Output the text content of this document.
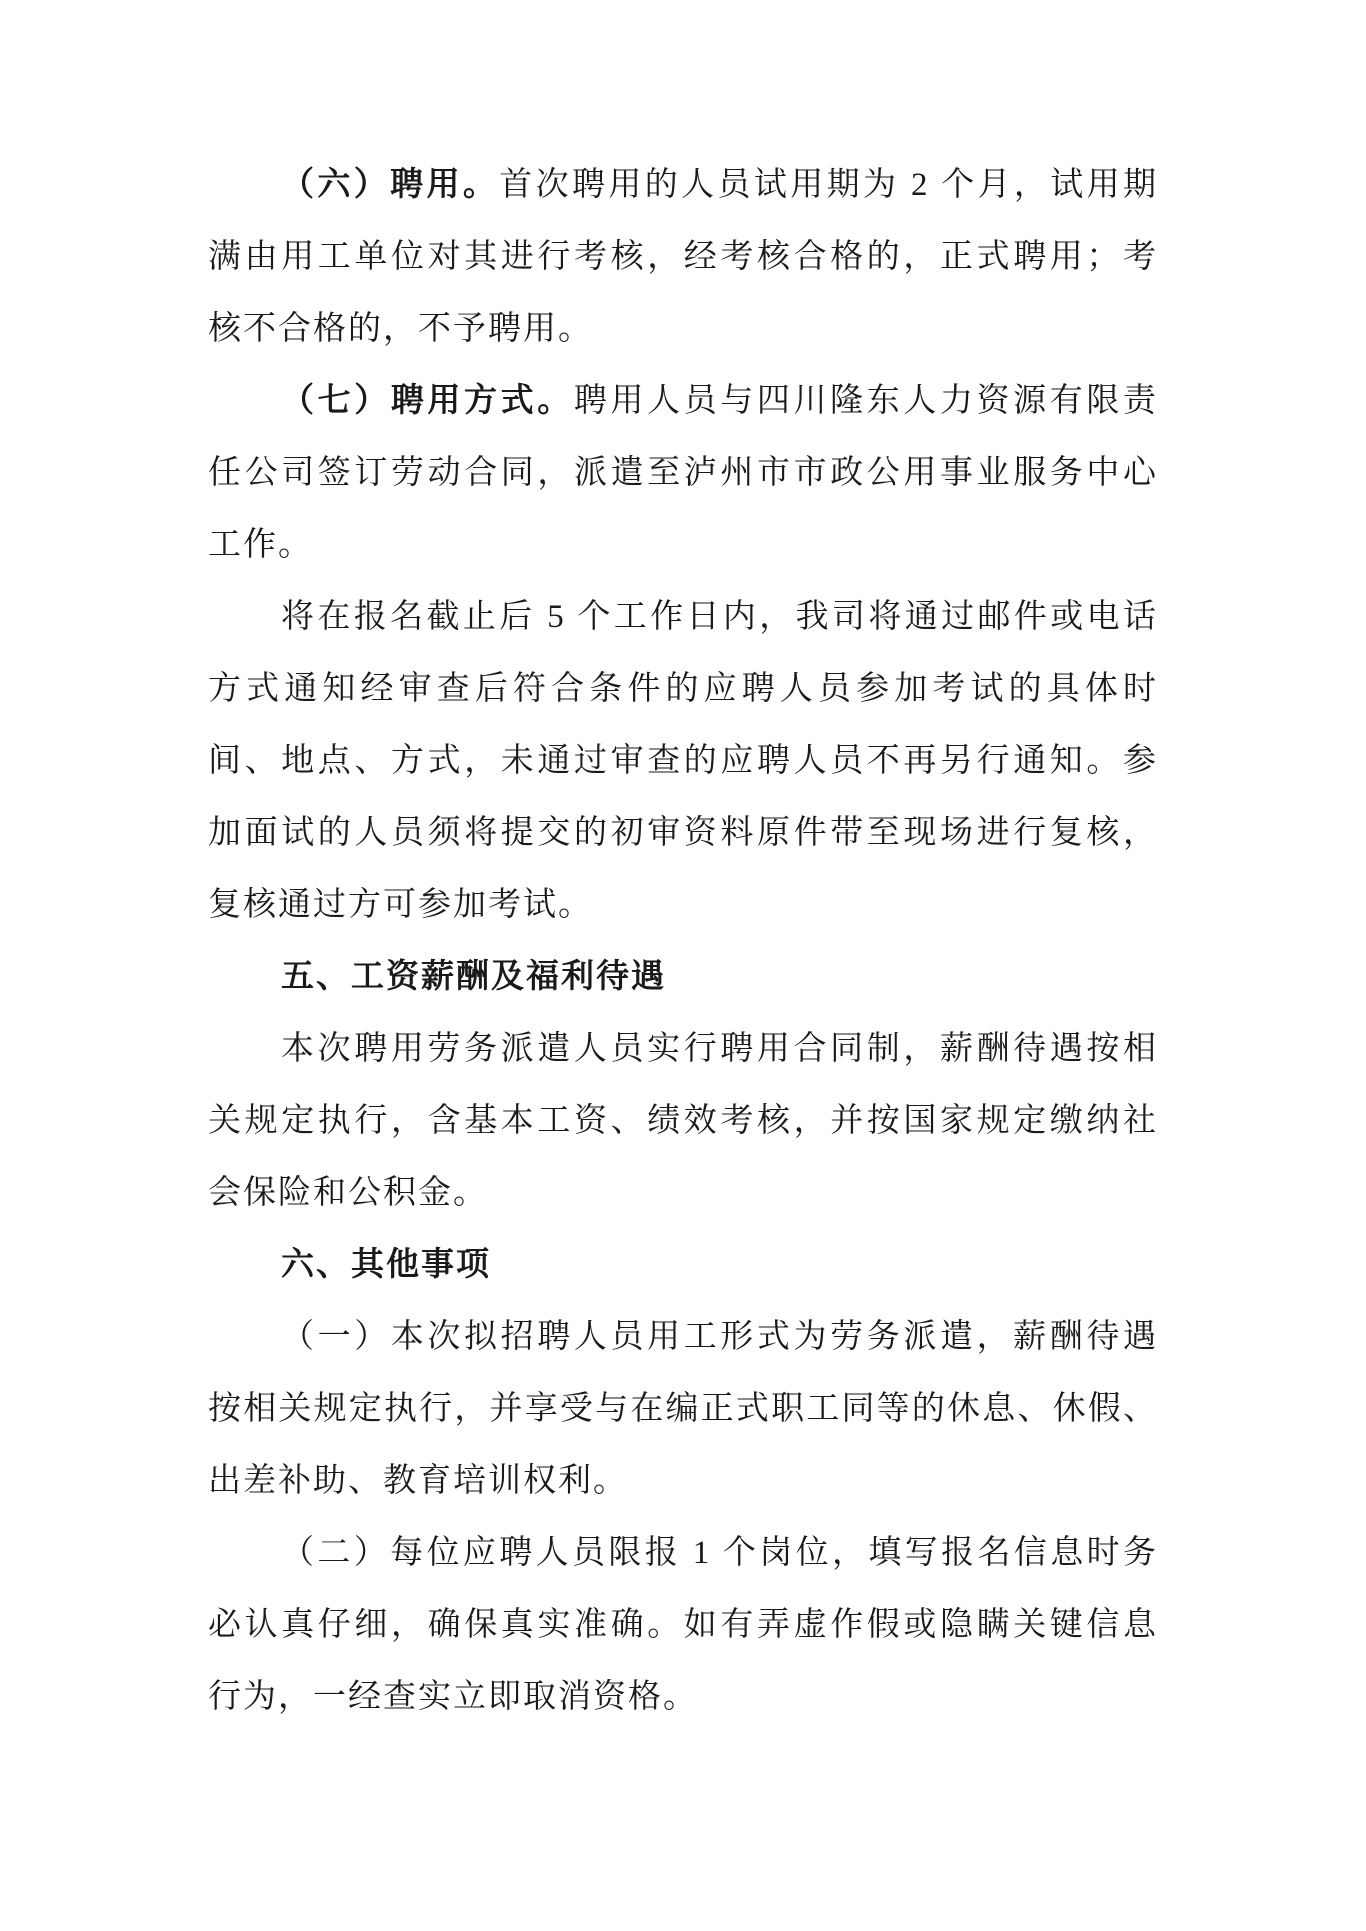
（六）聘用。首次聘用的人员试用期为 2 个月，试用期

满由用工单位对其进行考核，经考核合格的，正式聘用；考

核不合格的，不予聘用。

（七）聘用方式。聘用人员与四川隆东人力资源有限责

任公司签订劳动合同，派遣至泸州市市政公用事业服务中心

工作。

将在报名截止后 5 个工作日内，我司将通过邮件或电话

方式通知经审查后符合条件的应聘人员参加考试的具体时

间、地点、方式，未通过审查的应聘人员不再另行通知。参

加面试的人员须将提交的初审资料原件带至现场进行复核，

复核通过方可参加考试。

五、工资薪酬及福利待遇

本次聘用劳务派遣人员实行聘用合同制，薪酬待遇按相

关规定执行，含基本工资、绩效考核，并按国家规定缴纳社

会保险和公积金。

六、其他事项

（一）本次拟招聘人员用工形式为劳务派遣，薪酬待遇

按相关规定执行，并享受与在编正式职工同等的休息、休假、

出差补助、教育培训权利。

（二）每位应聘人员限报 1 个岗位，填写报名信息时务

必认真仔细，确保真实准确。如有弄虚作假或隐瞒关键信息

行为，一经查实立即取消资格。
